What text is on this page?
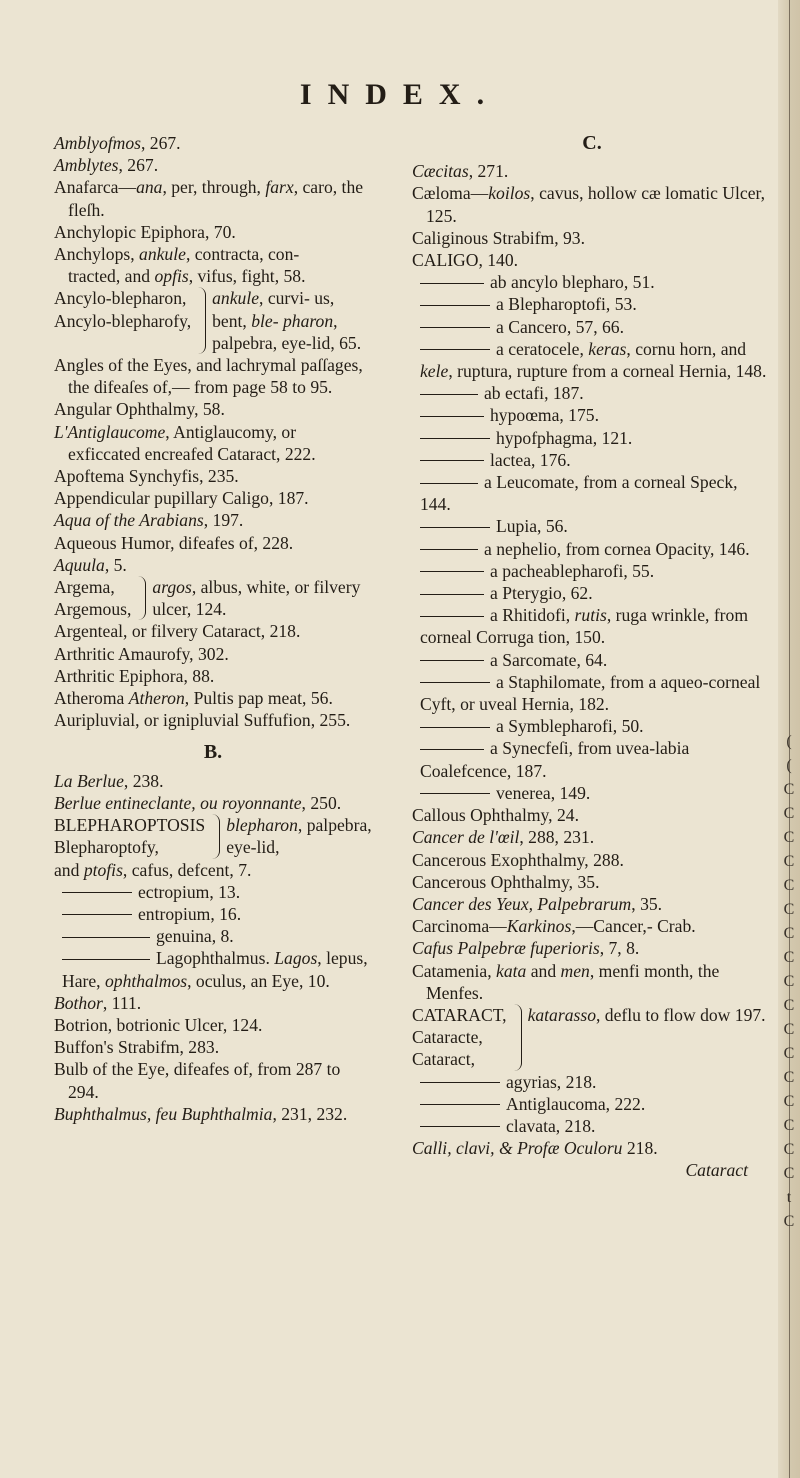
INDEX.

Amblyofmos, 267.

Amblytes, 267.

Anafarca—ana, per, through, farx, caro, the fleſh.

Anchylopic Epiphora, 70.

Anchylops, ankule, contracta, con-

tracted, and opfis, vifus, fight, 58.

Ancylo-blepharon,
Ancylo-blepharofy,
ankule, curvi- us, bent, ble- pharon, palpebra, eye-lid, 65.

Angles of the Eyes, and lachrymal paſſages, the difeaſes of,— from page 58 to 95.

Angular Ophthalmy, 58.

L'Antiglaucome, Antiglaucomy, or exficcated encreafed Cataract, 222.

Apoftema Synchyfis, 235.

Appendicular pupillary Caligo, 187.

Aqua of the Arabians, 197.

Aqueous Humor, difeafes of, 228.

Aquula, 5.

Argema,
Argemous,
argos, albus, white, or filvery ulcer, 124.

Argenteal, or filvery Cataract, 218.

Arthritic Amaurofy, 302.

Arthritic Epiphora, 88.

Atheroma Atheron, Pultis pap meat, 56.

Auripluvial, or ignipluvial Suffufion, 255.

B.

La Berlue, 238.

Berlue entineclante, ou royonnante, 250.

BLEPHAROPTOSIS
Blepharoptofy,
blepharon, palpebra, eye-lid,

and ptofis, cafus, defcent, 7.

ectropium, 13.

entropium, 16.

genuina, 8.

Lagophthalmus. Lagos, lepus, Hare, ophthalmos, oculus, an Eye, 10.

Bothor, 111.

Botrion, botrionic Ulcer, 124.

Buffon's Strabifm, 283.

Bulb of the Eye, difeafes of, from 287 to 294.

Buphthalmus, feu Buphthalmia, 231, 232.

C.

Cæcitas, 271.

Cælomа—koilos, cavus, hollow cæ lomatic Ulcer, 125.

Caliginous Strabifm, 93.

CALIGO, 140.

ab ancylo blepharo, 51.

a Blepharoptofi, 53.

a Cancero, 57, 66.

a ceratocele, keras, cornu horn, and kele, ruptura, rupture from a corneal Hernia, 148.

ab ectafi, 187.

hypoœma, 175.

hypofphagma, 121.

lactea, 176.

a Leucomate, from a corneal Speck, 144.

Lupia, 56.

a nephelio, from cornea Opacity, 146.

a pacheablepharofi, 55.

a Pterygio, 62.

a Rhitidofi, rutis, ruga wrinkle, from corneal Corruga tion, 150.

a Sarcomate, 64.

a Staphilomate, from a aqueo-corneal Cyft, or uveal Hernia, 182.

a Symblepharofi, 50.

a Synecfeſi, from uvea-labia Coalefcence, 187.

venerea, 149.

Callous Ophthalmy, 24.

Cancer de l'œil, 288, 231.

Cancerous Exophthalmy, 288.

Cancerous Ophthalmy, 35.

Cancer des Yeux, Palpebrarum, 35.

Carcinoma—Karkinos,—Cancer,- Crab.

Cafus Palpebræ fuperioris, 7, 8.

Catamenia, kata and men, menfi month, the Menfes.

CATARACT,
Cataracte,
Cataract,
katarasso, deflu to flow dow 197.

agyrias, 218.

Antiglaucoma, 222.

clavata, 218.

Calli, clavi, & Profæ Oculoru 218.

Cataract
(
(
C
C
C
C
C
C
C
C
C
C
C
C
C
C
C
C
C
t
C
